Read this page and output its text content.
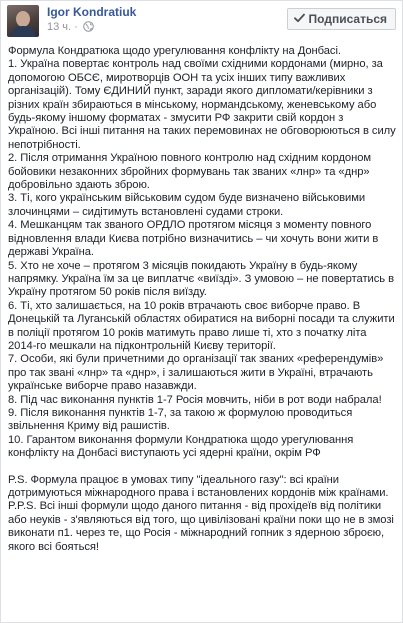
Igor Kondratiuk
13 ч. ·
Подписаться

Формула Кондратюка щодо урегулювання конфлікту на Донбасі.

1. Україна повертає контроль над своїми східними кордонами (мирно, за допомогою ОБСЄ, миротворців ООН та усіх інших типу важливих організацій). Тому ЄДИНИЙ пункт, заради якого дипломати/керівники з різних країн збираються в мінському, нормандському, женевському або будь-якому іншому форматах - змусити РФ закрити свій кордон з Україною. Всі інші питання на таких перемовинах не обговорюються в силу непотрібності.

2. Після отримання Україною повного контролю над східним кордоном бойовики незаконних збройних формувань так званих «лнр» та «днр» добровільно здають зброю.

3. Ті, кого українським військовим судом буде визначено військовими злочинцями – сидітимуть встановлені судами строки.

4. Мешканцям так званого ОРДЛО протягом місяця з моменту повного відновлення влади Києва потрібно визначитись – чи хочуть вони жити в державі Україна.

5. Хто не хоче – протягом 3 місяців покидають Україну в будь-якому напрямку. Україна їм за це виплатчє «виїзді». З умовою – не повертатись в Україну протягом 50 років після виїзду.

6. Ті, хто залишається, на 10 років втрачають своє виборче право. В Донецькій та Луганській областях обиратися на виборні посади та служити в поліції протягом 10 років матимуть право лише ті, хто з початку літа 2014-го мешкали на підконтрольній Києву території.

7. Особи, які були причетними до організації так званих «референдумів» про так звані «лнр» та «днр», і залишаються жити в Україні, втрачають українське виборче право назавжди.

8. Під час виконання пунктів 1-7 Росія мовчить, ніби в рот води набрала!

9. Після виконання пунктів 1-7, за такою ж формулою проводиться звільнення Криму від рашистів.

10. Гарантом виконання формули Кондратюка щодо урегулювання конфлікту на Донбасі виступають усі ядерні країни, окрім РФ

P.S. Формула працює в умовах типу "ідеального газу": всі країни дотримуються міжнародного права і встановлених кордонів між країнами.

P.P.S. Всі інші формули щодо даного питання - від прохідеїв від політики або неуків - з'являються від того, що цивілізовані країни поки що не в змозі виконати п1. через те, що Росія - міжнародний гопник з ядерною зброєю, якого всі бояться!
